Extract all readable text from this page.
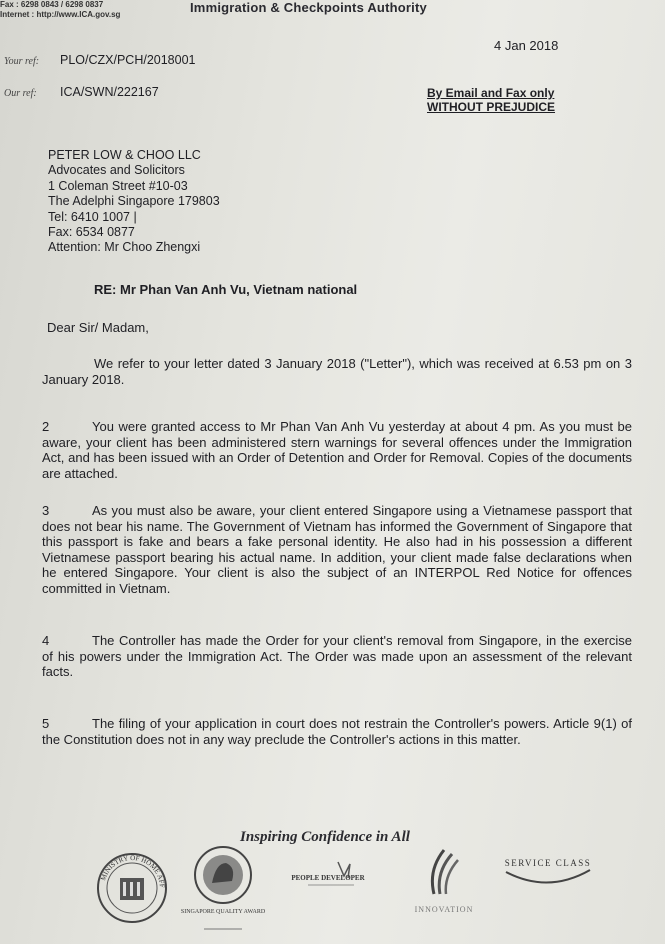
Fax : 6298 0843 / 6298 0837
Internet : http://www.ICA.gov.sg	Immigration & Checkpoints Authority
Your ref: PLO/CZX/PCH/2018001
Our ref: ICA/SWN/222167
4 Jan 2018
By Email and Fax only
WITHOUT PREJUDICE
PETER LOW & CHOO LLC
Advocates and Solicitors
1 Coleman Street #10-03
The Adelphi Singapore 179803
Tel: 6410 1007 |
Fax: 6534 0877
Attention: Mr Choo Zhengxi
RE: Mr Phan Van Anh Vu, Vietnam national
Dear Sir/ Madam,
We refer to your letter dated 3 January 2018 ("Letter"), which was received at 6.53 pm on 3 January 2018.
2	You were granted access to Mr Phan Van Anh Vu yesterday at about 4 pm. As you must be aware, your client has been administered stern warnings for several offences under the Immigration Act, and has been issued with an Order of Detention and Order for Removal. Copies of the documents are attached.
3	As you must also be aware, your client entered Singapore using a Vietnamese passport that does not bear his name. The Government of Vietnam has informed the Government of Singapore that this passport is fake and bears a fake personal identity. He also had in his possession a different Vietnamese passport bearing his actual name. In addition, your client made false declarations when he entered Singapore. Your client is also the subject of an INTERPOL Red Notice for offences committed in Vietnam.
4	The Controller has made the Order for your client's removal from Singapore, in the exercise of his powers under the Immigration Act. The Order was made upon an assessment of the relevant facts.
5	The filing of your application in court does not restrain the Controller's powers. Article 9(1) of the Constitution does not in any way preclude the Controller's actions in this matter.
Inspiring Confidence in All
MINISTRY OF HOME AFF
SINGAPORE QUALITY AWARD
PEOPLE DEVELOPER
INNOVATION
SERVICE CLASS
